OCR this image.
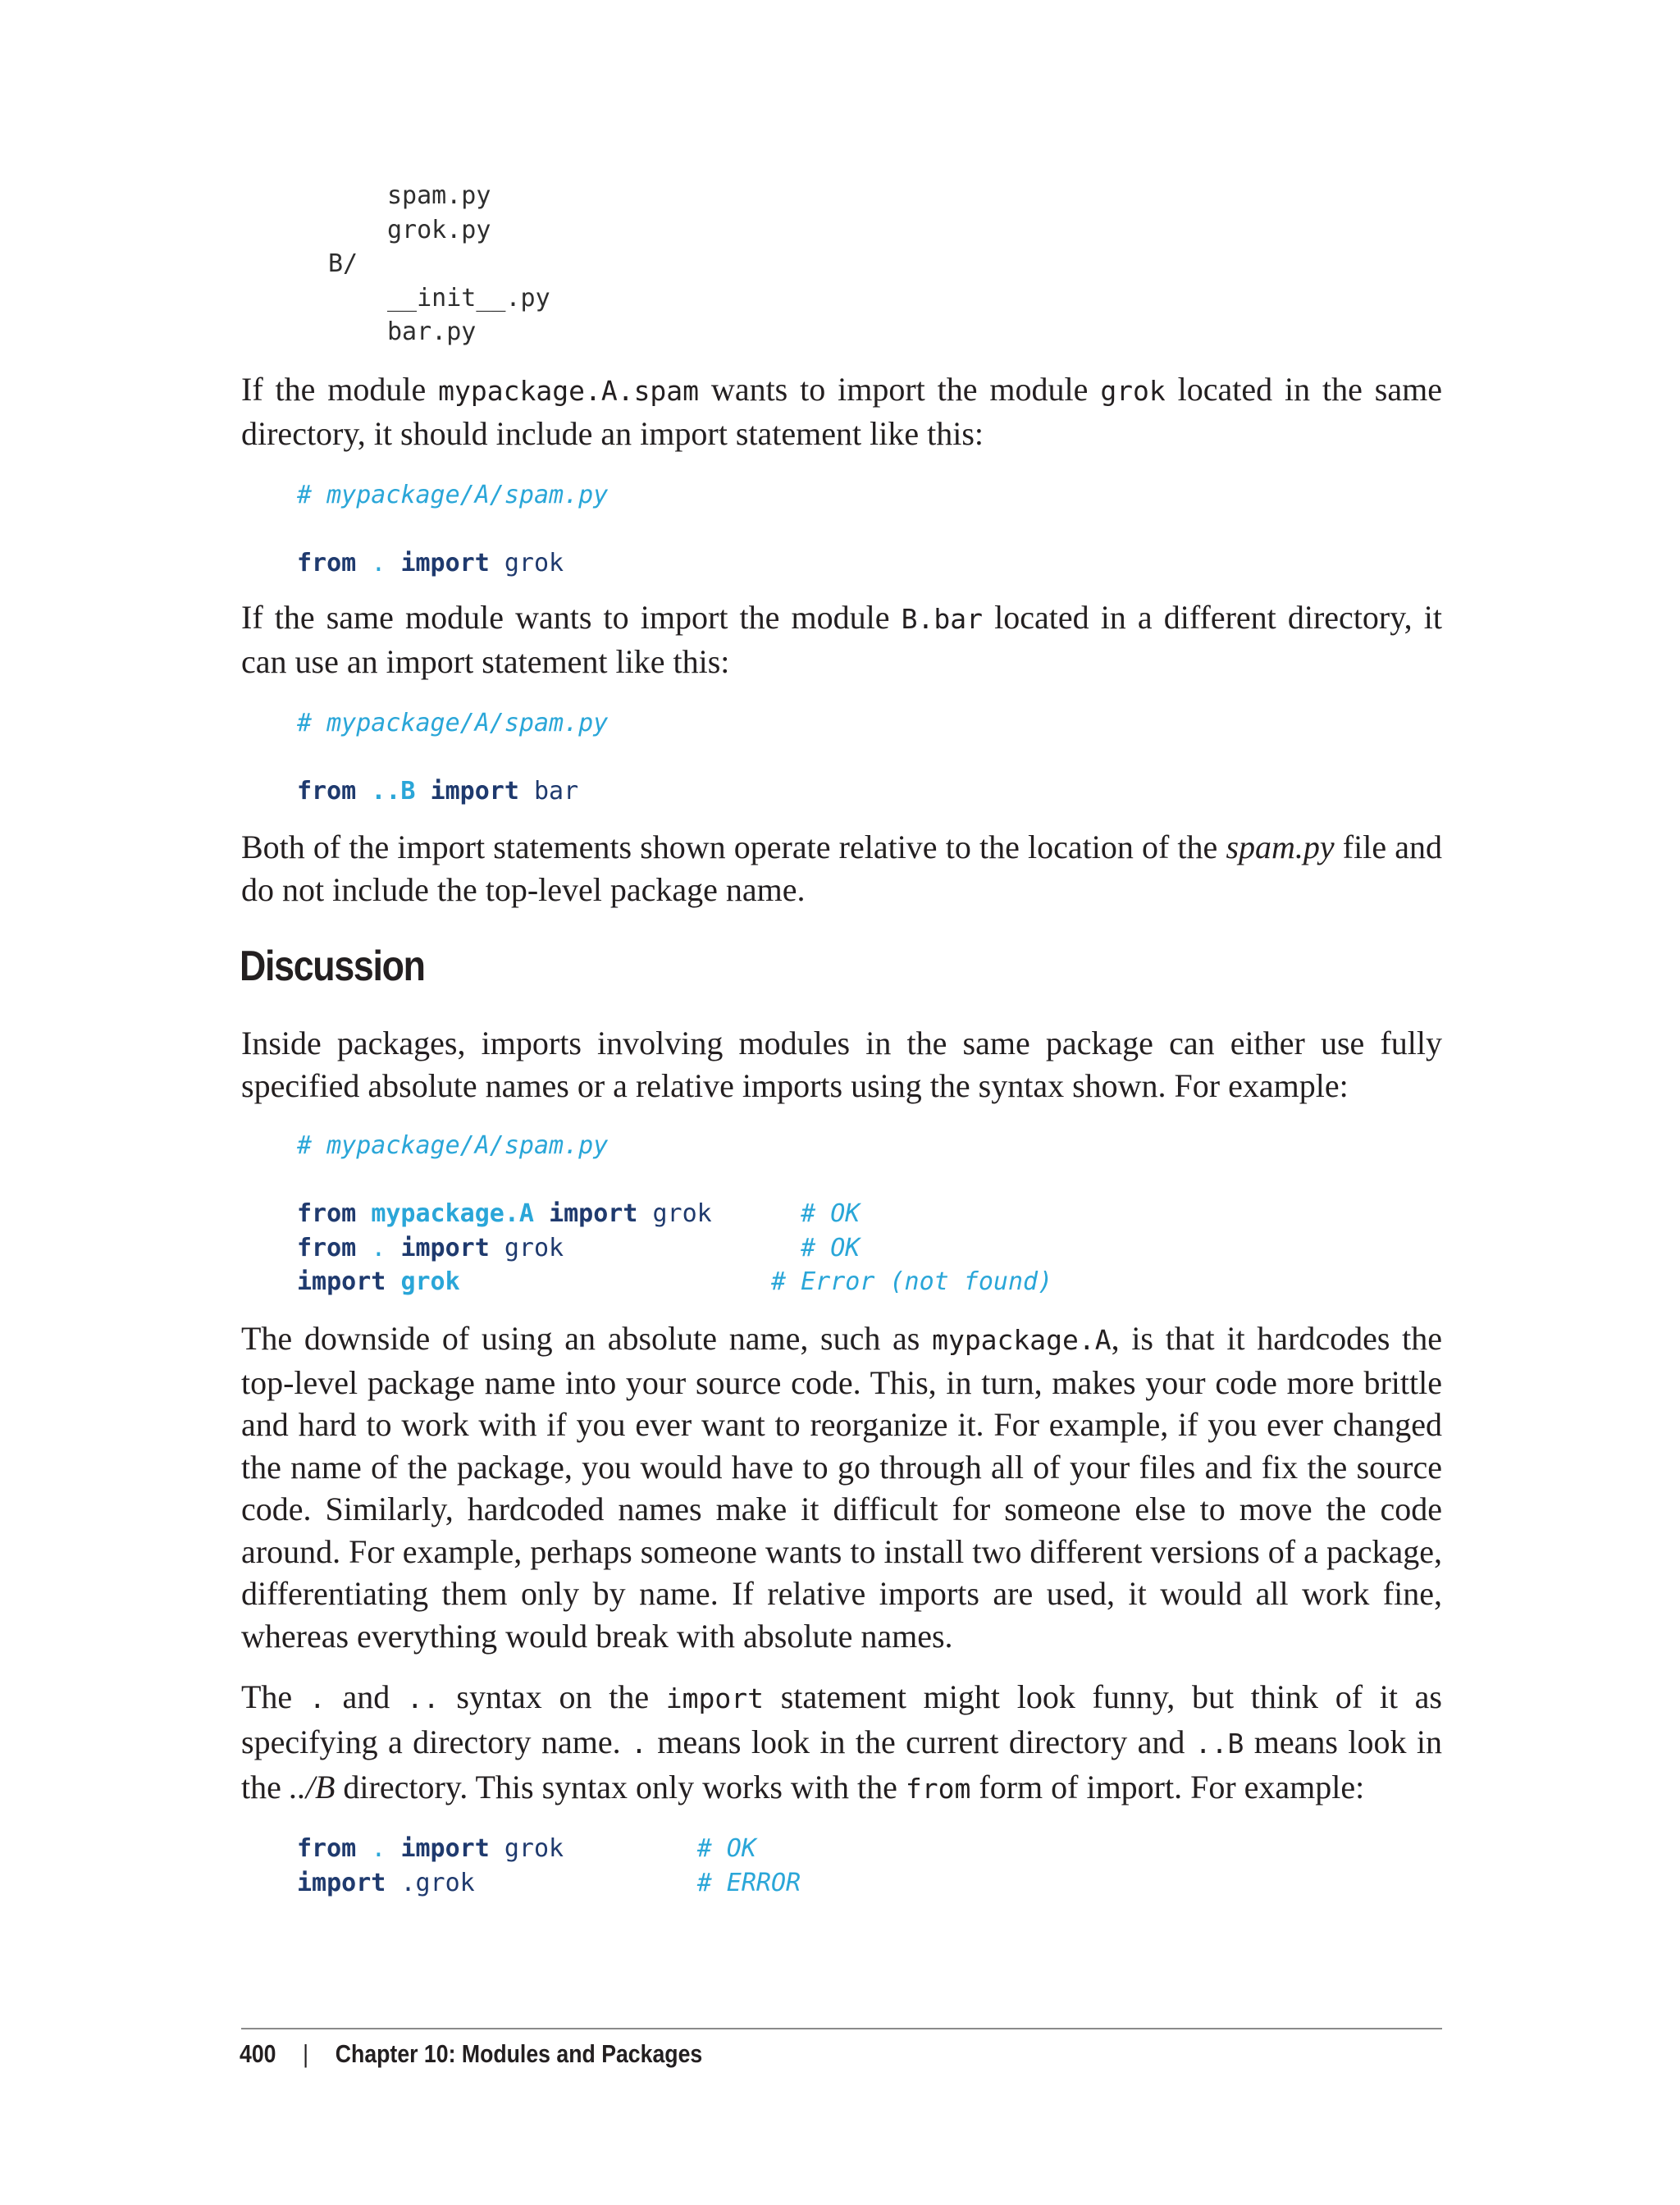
spam.py
grok.py
B/
__init__.py
bar.py

If the module mypackage.A.spam wants to import the module grok located in the same directory, it should include an import statement like this:

# mypackage/A/spam.py

from . import grok

If the same module wants to import the module B.bar located in a different directory, it can use an import statement like this:

# mypackage/A/spam.py

from ..B import bar

Both of the import statements shown operate relative to the location of the spam.py file and do not include the top-level package name.

Discussion

Inside packages, imports involving modules in the same package can either use fully specified absolute names or a relative imports using the syntax shown. For example:

# mypackage/A/spam.py

from mypackage.A import grok	# OK
from . import grok	# OK
import grok	# Error (not found)

The downside of using an absolute name, such as mypackage.A, is that it hardcodes the top-level package name into your source code. This, in turn, makes your code more brittle and hard to work with if you ever want to reorganize it. For example, if you ever changed the name of the package, you would have to go through all of your files and fix the source code. Similarly, hardcoded names make it difficult for someone else to move the code around. For example, perhaps someone wants to install two different versions of a package, differentiating them only by name. If relative imports are used, it would all work fine, whereas everything would break with absolute names.

The . and .. syntax on the import statement might look funny, but think of it as specifying a directory name. . means look in the current directory and ..B means look in the ../B directory. This syntax only works with the from form of import. For example:

from . import grok	# OK
import .grok	# ERROR
400 | Chapter 10: Modules and Packages
